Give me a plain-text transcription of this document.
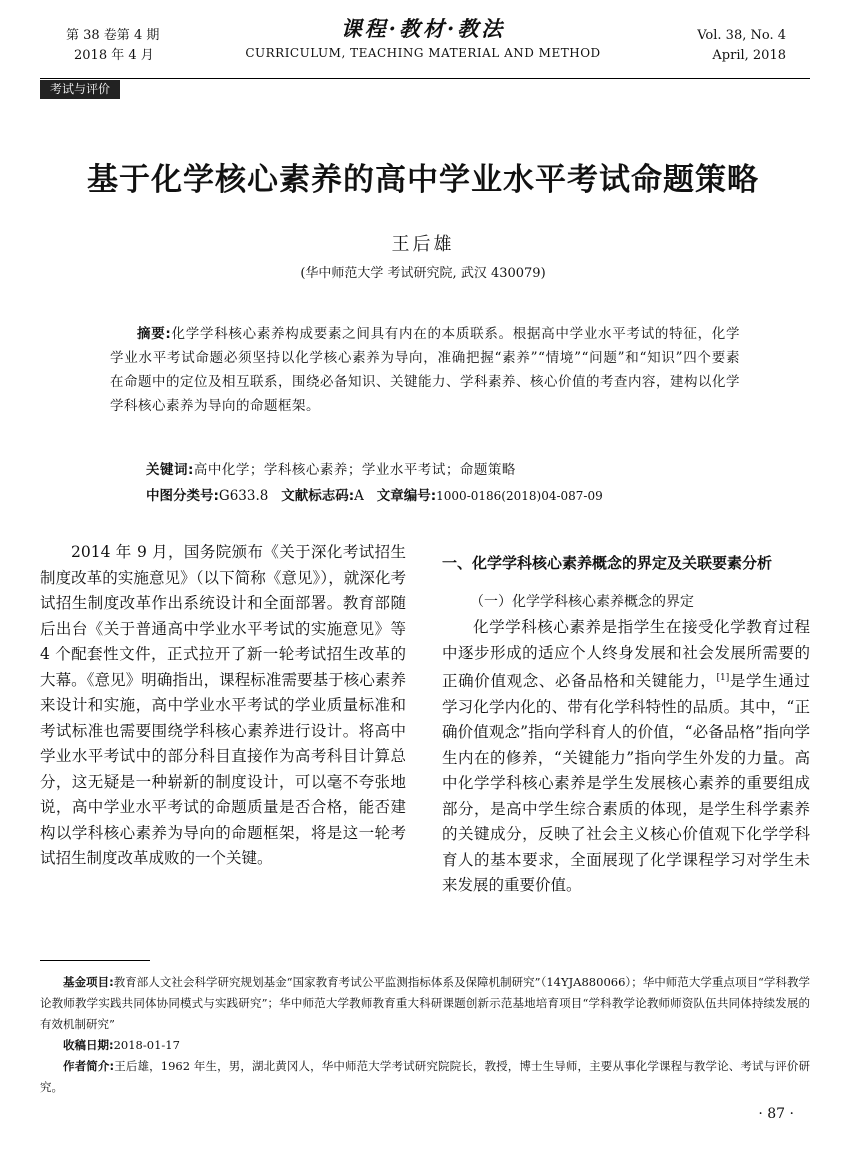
第 38 卷第 4 期
2018 年 4 月
课程·教材·教法
CURRICULUM, TEACHING MATERIAL AND METHOD
Vol. 38, No. 4
April, 2018
考试与评价
基于化学核心素养的高中学业水平考试命题策略
王后雄
(华中师范大学 考试研究院, 武汉 430079)

摘要:化学学科核心素养构成要素之间具有内在的本质联系。根据高中学业水平考试的特征，化学学业水平考试命题必须坚持以化学核心素养为导向，准确把握“素养”“情境”“问题”和“知识”四个要素在命题中的定位及相互联系，围绕必备知识、关键能力、学科素养、核心价值的考查内容，建构以化学学科核心素养为导向的命题框架。

关键词:高中化学；学科核心素养；学业水平考试；命题策略
中图分类号:G633.8 文献标志码:A 文章编号:1000-0186(2018)04-087-09

2014 年 9 月，国务院颁布《关于深化考试招生制度改革的实施意见》（以下简称《意见》），就深化考试招生制度改革作出系统设计和全面部署。教育部随后出台《关于普通高中学业水平考试的实施意见》等 4 个配套性文件，正式拉开了新一轮考试招生改革的大幕。《意见》明确指出，课程标准需要基于核心素养来设计和实施，高中学业水平考试的学业质量标准和考试标准也需要围绕学科核心素养进行设计。将高中学业水平考试中的部分科目直接作为高考科目计算总分，这无疑是一种崭新的制度设计，可以毫不夸张地说，高中学业水平考试的命题质量是否合格，能否建构以学科核心素养为导向的命题框架，将是这一轮考试招生制度改革成败的一个关键。

一、化学学科核心素养概念的界定及关联要素分析

（一）化学学科核心素养概念的界定

化学学科核心素养是指学生在接受化学教育过程中逐步形成的适应个人终身发展和社会发展所需要的正确价值观念、必备品格和关键能力，[1]是学生通过学习化学内化的、带有化学科特性的品质。其中，“正确价值观念”指向学科育人的价值，“必备品格”指向学生内在的修养，“关键能力”指向学生外发的力量。高中化学学科核心素养是学生发展核心素养的重要组成部分，是高中学生综合素质的体现，是学生科学素养的关键成分，反映了社会主义核心价值观下化学学科育人的基本要求，全面展现了化学课程学习对学生未来发展的重要价值。

基金项目:教育部人文社会科学研究规划基金“国家教育考试公平监测指标体系及保障机制研究”（14YJA880066）；华中师范大学重点项目“学科教学论教师教学实践共同体协同模式与实践研究”；华中师范大学教师教育重大科研课题创新示范基地培育项目“学科教学论教师师资队伍共同体持续发展的有效机制研究”

收稿日期:2018-01-17

作者简介:王后雄，1962 年生，男，湖北黄冈人，华中师范大学考试研究院院长，教授，博士生导师，主要从事化学课程与教学论、考试与评价研究。

· 87 ·
